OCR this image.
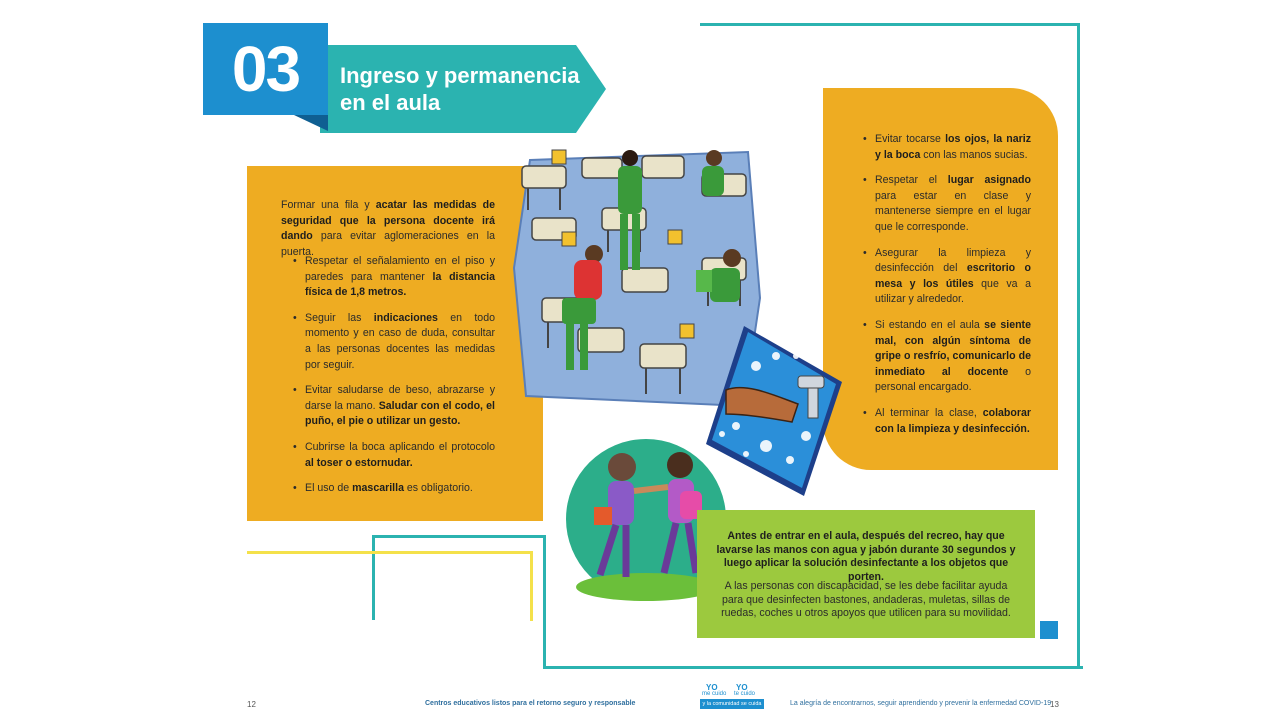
03	Ingreso y permanencia
en el aula
Formar una fila y acatar las medidas de seguridad que la persona docente irá dando para evitar aglomeraciones en la puerta.
• Respetar el señalamiento en el piso y paredes para mantener la distancia física de 1,8 metros.
• Seguir las indicaciones en todo momento y en caso de duda, consultar a las personas docentes las medidas por seguir.
• Evitar saludarse de beso, abrazarse y darse la mano. Saludar con el codo, el puño, el pie o utilizar un gesto.
• Cubrirse la boca aplicando el protocolo al toser o estornudar.
• El uso de mascarilla es obligatorio.
• Evitar tocarse los ojos, la nariz y la boca con las manos sucias.
• Respetar el lugar asignado para estar en clase y mantenerse siempre en el lugar que le corresponde.
• Asegurar la limpieza y desinfección del escritorio o mesa y los útiles que va a utilizar y alrededor.
• Si estando en el aula se siente mal, con algún síntoma de gripe o resfrío, comunicarlo de inmediato al docente o personal encargado.
• Al terminar la clase, colaborar con la limpieza y desinfección.
Antes de entrar en el aula, después del recreo, hay que lavarse las manos con agua y jabón durante 30 segundos y luego aplicar la solución desinfectante a los objetos que porten.
A las personas con discapacidad, se les debe facilitar ayuda para que desinfecten bastones, andaderas, muletas, sillas de ruedas, coches u otros apoyos que utilicen para su movilidad.
12	Centros educativos listos para el retorno seguro y responsable
YO
me cuido
YO
te cuido
y la comunidad se cuida	La alegría de encontrarnos, seguir aprendiendo y prevenir la enfermedad COVID-19
13
